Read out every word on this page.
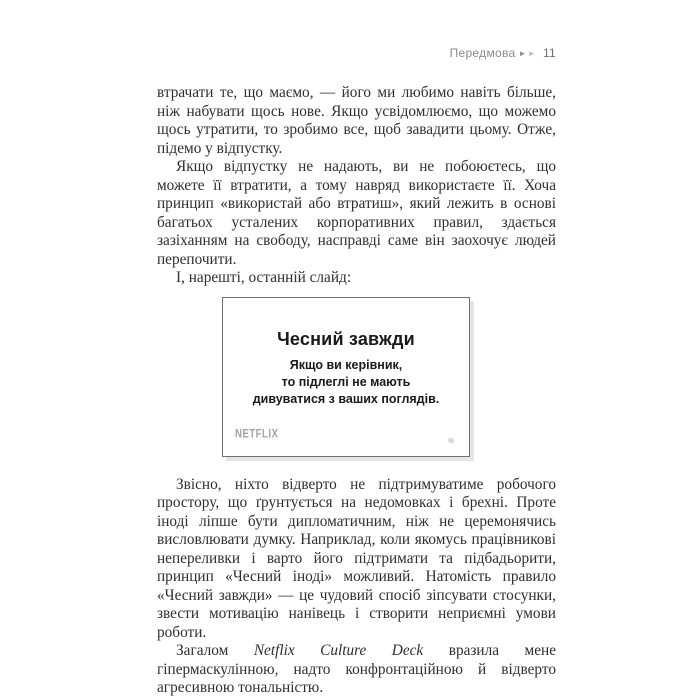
Передмова ►► 11

втрачати те, що маємо, — його ми любимо навіть більше, ніж набувати щось нове. Якщо усвідомлюємо, що можемо щось утратити, то зробимо все, щоб завадити цьому. Отже, підемо у відпустку.

Якщо відпустку не надають, ви не побоюєтесь, що можете її втратити, а тому навряд використаєте її. Хоча принцип «використай або втратиш», який лежить в основі багатьох усталених корпоративних правил, здається зазіханням на свободу, насправді саме він заохочує людей перепочити.

І, нарешті, останній слайд:

Чесний завжди
Якщо ви керівник,
то підлеглі не мають
дивуватися з ваших поглядів.
NETFLIX

Звісно, ніхто відверто не підтримуватиме робочого простору, що ґрунтується на недомовках і брехні. Проте іноді ліпше бути дипломатичним, ніж не церемонячись висловлювати думку. Наприклад, коли якомусь працівникові непереливки і варто його підтримати та підбадьорити, принцип «Чесний іноді» можливий. Натомість правило «Чесний завжди» — це чудовий спосіб зіпсувати стосунки, звести мотивацію нанівець і створити неприємні умови роботи.

Загалом Netflix Culture Deck вразила мене гіпермаскулінною, надто конфронтаційною й відверто агресивною тональністю.
